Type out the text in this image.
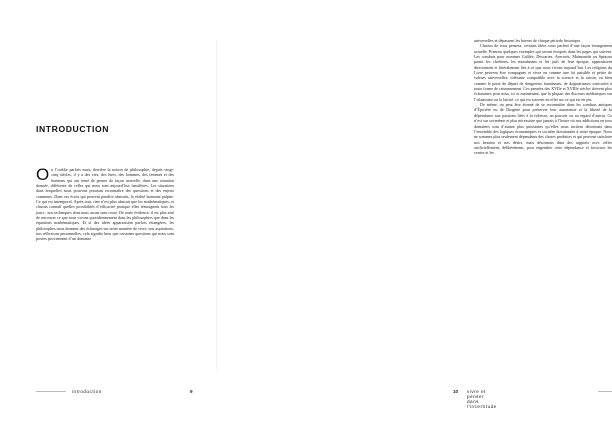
INTRODUCTION

On l’oublie parfois mais, derrière la notion de philosophie, depuis vingt-cinq siècles, il y a des vies, des êtres, des hommes, des femmes et des hommes qui ont tenté de penser de façon nouvelle, dans une situation donnée, différente de celles qui nous sont aujourd’hui familières. Les situations dans lesquelles nous pouvons pourtant reconnaître des questions et des enjeux communs. Dans ces écrits qui peuvent paraître abstraits, la réalité humaine palpite. Ce qui est intemporel. Après tout, rien n’est plus abstrait que les mathématiques, et chacun connaît quelles possibilités d’efficacité pratique elles témoignent tous les jours : nos techniques dont nous usons sans cesse. De toute évidence, il est plus aisé de retrouver ce que nous vivons quotidiennement dans les philosophies que dans les équations mathématiques. Et si des idées apparaissent parfois étrangères, les philosophes nous donnent des éclairages sur notre manière de vivre, nos aspirations, nos réflexions personnelles, cela signifie bien que certaines questions qui nous sont posées proviennent d’un domaine

introduction	9

universelles et dépassent les bornes de chaque période historique.

Chacun de vous pensera, certains idées vous parlent d’une façon étrangement actuelle. Prenons quelques exemples qui seront évoqués dans les pages qui suivent. Les combats pour nommer Galilée, Descartes, Averroès, Maimonide ou Spinoza parmi les chrétiens, les musulmans et les juifs de leur époque, apparaissent directement et littéralement liés à ce que nous vivons aujourd’hui. Les religions du Livre peuvent être compagnes et vivre en comme une foi paisible et pétrie de valeurs universelles, tolérante compatible avec la science et la raison, ou bien comme le point de départ de dangereux fanatismes, de dogmatismes contraires à toute forme de raisonnement. Ces pensées des XVIIe et XVIIIe siècles doivent plus éclairantes pour nous, ici et maintenant, que la plupart des discours médiatiques sur l’islamisme ou la laïcité, ce qui est souvent en effet sur ce qui est en jeu.

De même, on peut être étonné de se reconnaître dans les combats antiques d’Épictète ou de Diogène pour préserver leur autonomie et la liberté de la dépendance aux passions liées à la richesse, au pouvoir ou au regard d’autrui. Ce n’est sur soi-même et plus nécessaire que jamais à l’heure où nos addictions en tous domaines sont d’autant plus puissantes qu’elles nous incitent désormais dans l’ensemble des logiques économiques et sociales dominantes à notre époque. Nous ne sommes plus seulement dépendants des choses produites et qui peuvent satisfaire nos besoins et nos désirs, mais désormais dans des rapports avec celles artificiellement, délibérément, pour engendrer cette dépendance et favoriser les ventes et les

10 vivre et penser dans l’incertitude
